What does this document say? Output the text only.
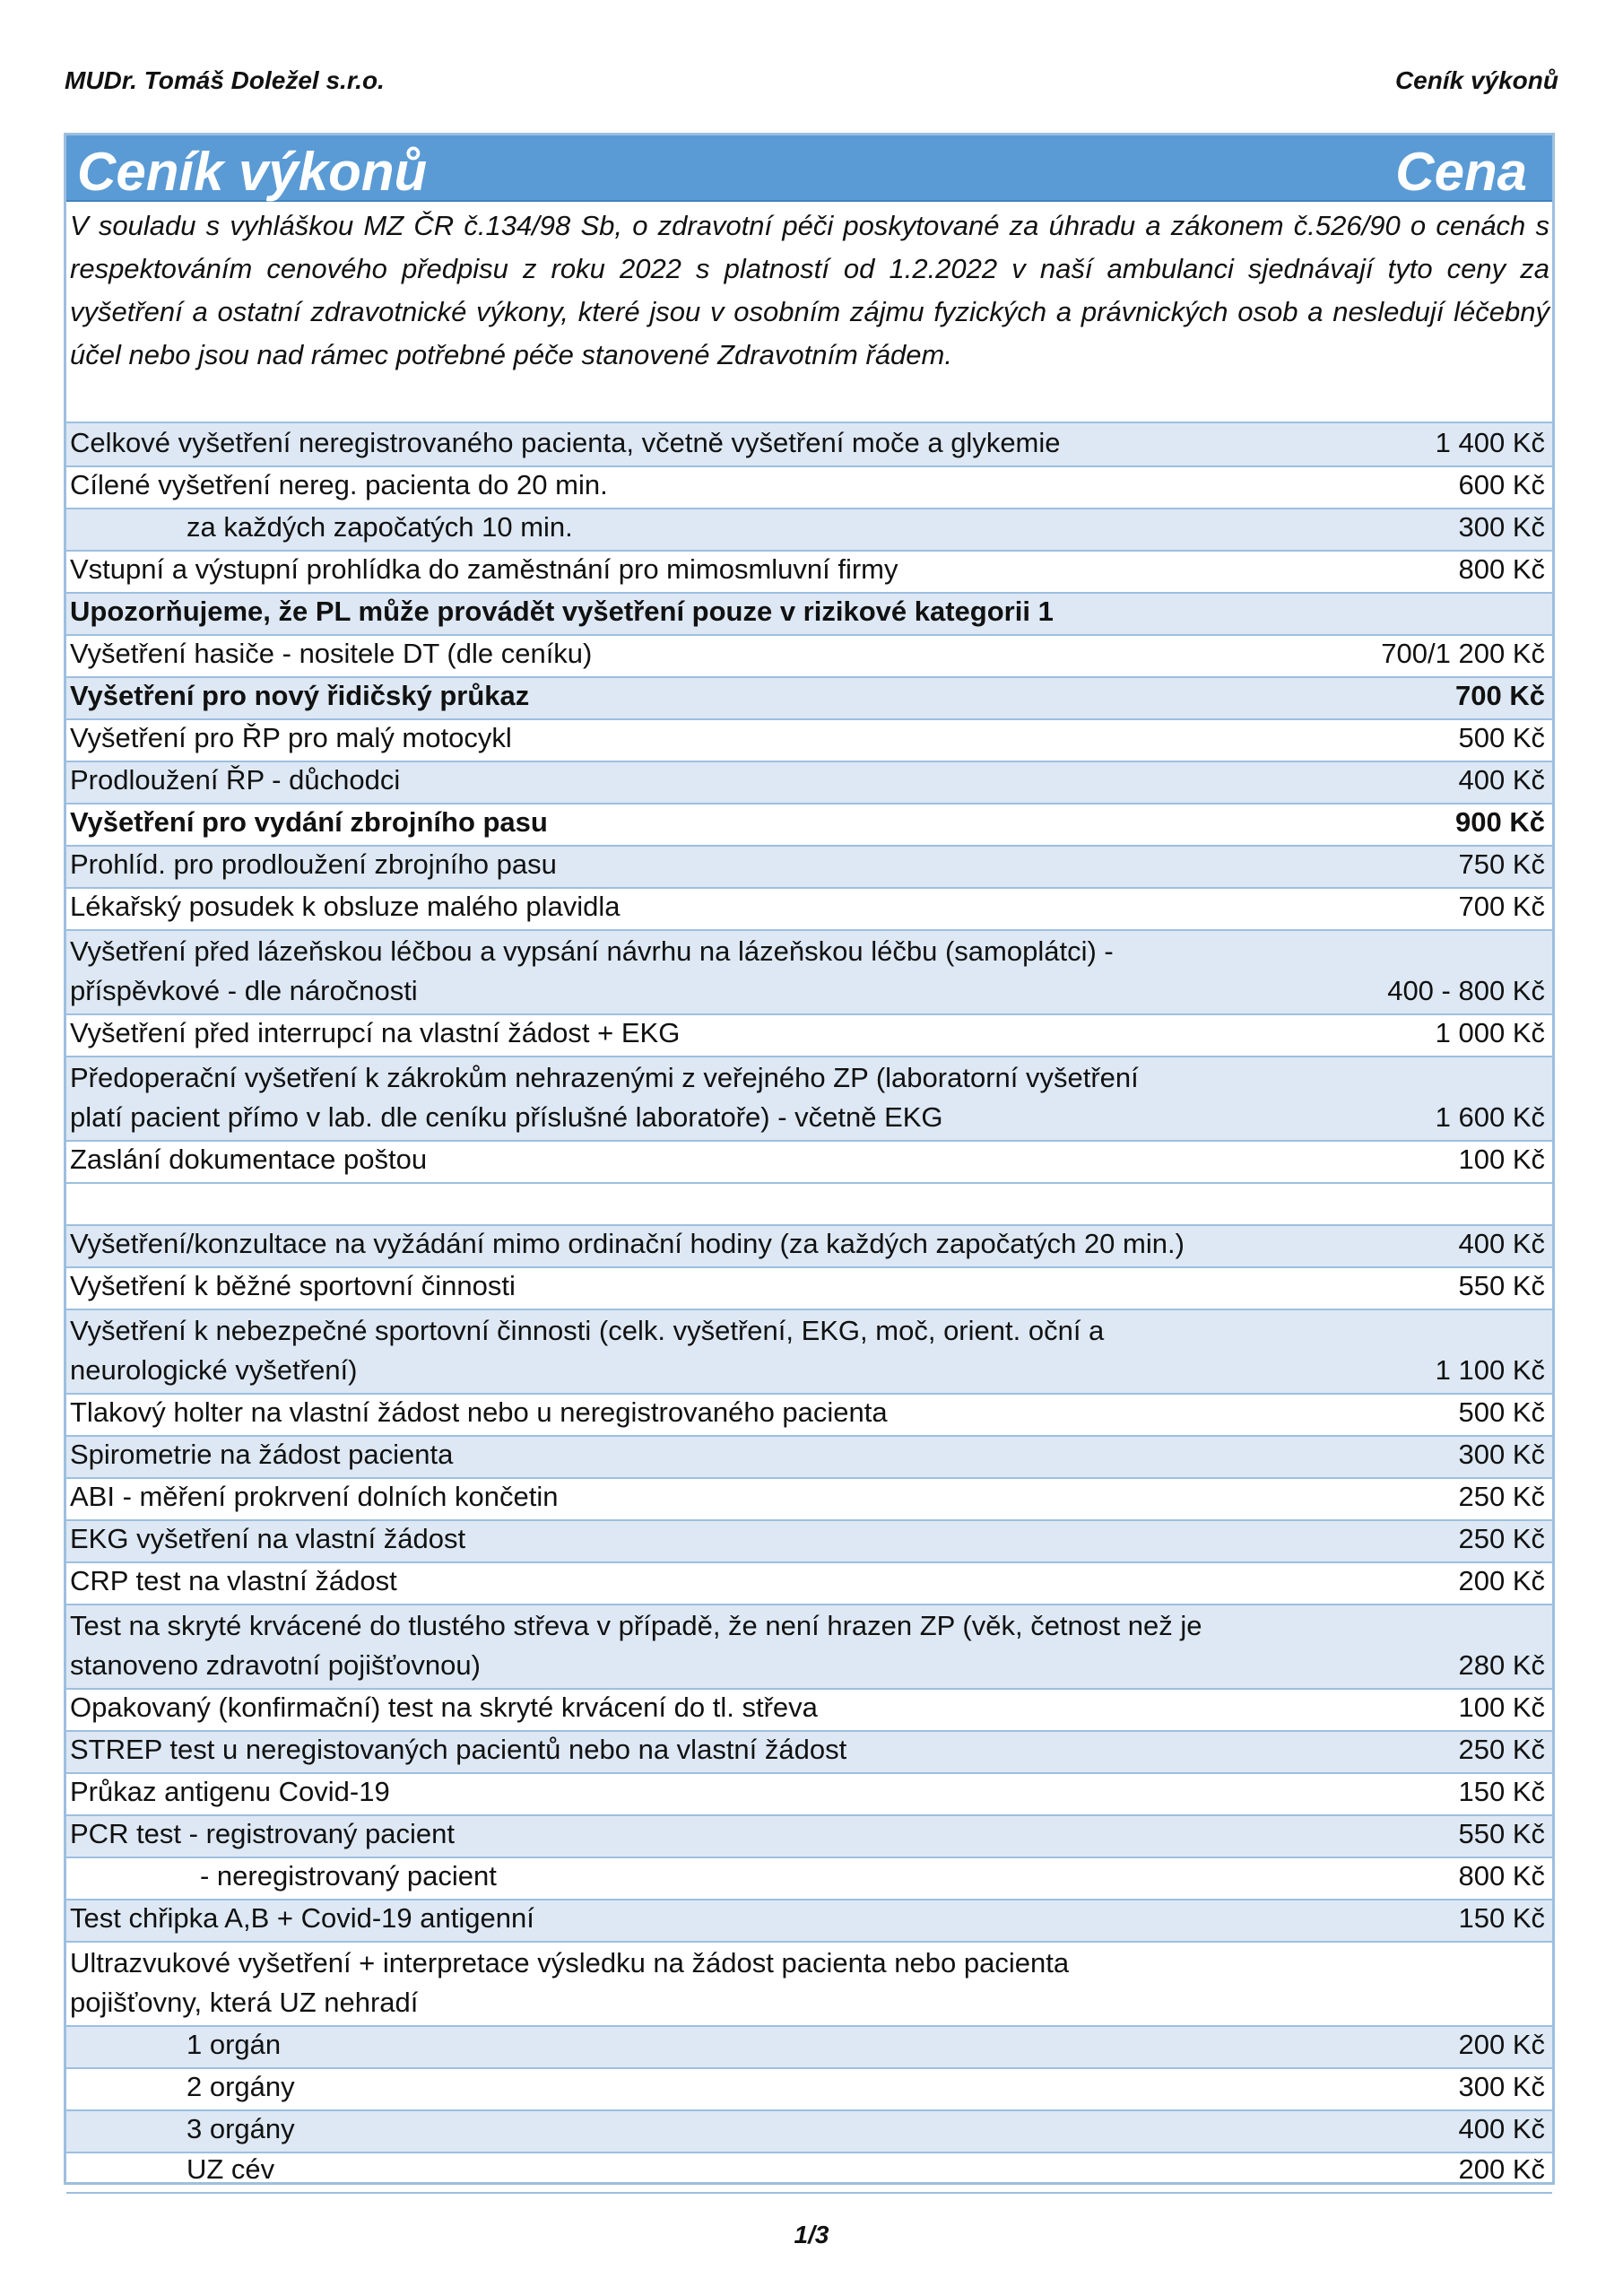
MUDr. Tomáš Doležel s.r.o.	Ceník výkonů
Ceník výkonů	Cena
V souladu s vyhláškou MZ ČR č.134/98 Sb, o zdravotní péči poskytované za úhradu a zákonem č.526/90 o cenách s respektováním cenového předpisu z roku 2022 s platností od 1.2.2022 v naší ambulanci sjednávají tyto ceny za vyšetření a ostatní zdravotnické výkony, které jsou v osobním zájmu fyzických a právnických osob a nesledují léčebný účel nebo jsou nad rámec potřebné péče stanovené Zdravotním řádem.
Celkové vyšetření neregistrovaného pacienta, včetně vyšetření moče a glykemie	1 400 Kč
Cílené vyšetření nereg. pacienta do 20 min.	600 Kč
za každých započatých 10 min.	300 Kč
Vstupní a výstupní prohlídka do zaměstnání pro mimosmluvní firmy	800 Kč
Upozorňujeme, že PL může provádět vyšetření pouze v rizikové kategorii 1
Vyšetření hasiče - nositele DT (dle ceníku)	700/1 200 Kč
Vyšetření pro nový řidičský průkaz	700 Kč
Vyšetření pro ŘP pro malý motocykl	500 Kč
Prodloužení ŘP - důchodci	400 Kč
Vyšetření pro vydání zbrojního pasu	900 Kč
Prohlíd. pro prodloužení zbrojního pasu	750 Kč
Lékařský posudek k obsluze malého plavidla	700 Kč
Vyšetření před lázeňskou léčbou a vypsání návrhu na lázeňskou léčbu (samoplátci) -
příspěvkové - dle náročnosti	400 - 800 Kč
Vyšetření před interrupcí na vlastní žádost + EKG	1 000 Kč
Předoperační vyšetření k zákrokům nehrazenými z veřejného ZP (laboratorní vyšetření
platí pacient přímo v lab. dle ceníku příslušné laboratoře) - včetně EKG	1 600 Kč
Zaslání dokumentace poštou	100 Kč
Vyšetření/konzultace na vyžádání mimo ordinační hodiny (za každých započatých 20 min.)	400 Kč
Vyšetření k běžné sportovní činnosti	550 Kč
Vyšetření k nebezpečné sportovní činnosti (celk. vyšetření, EKG, moč, orient. oční a
neurologické vyšetření)	1 100 Kč
Tlakový holter na vlastní žádost nebo u neregistrovaného pacienta	500 Kč
Spirometrie na žádost pacienta	300 Kč
ABI - měření prokrvení dolních končetin	250 Kč
EKG vyšetření na vlastní žádost	250 Kč
CRP test na vlastní žádost	200 Kč
Test na skryté krvácené do tlustého střeva v případě, že není hrazen ZP (věk, četnost než je
stanoveno zdravotní pojišťovnou)	280 Kč
Opakovaný (konfirmační) test na skryté krvácení do tl. střeva	100 Kč
STREP test u neregistovaných pacientů nebo na vlastní žádost	250 Kč
Průkaz antigenu Covid-19	150 Kč
PCR test - registrovaný pacient	550 Kč
- neregistrovaný pacient	800 Kč
Test chřipka A,B + Covid-19 antigenní	150 Kč
Ultrazvukové vyšetření + interpretace výsledku na žádost pacienta nebo pacienta
pojišťovny, která UZ nehradí
1 orgán	200 Kč
2 orgány	300 Kč
3 orgány	400 Kč
UZ cév	200 Kč
1/3
